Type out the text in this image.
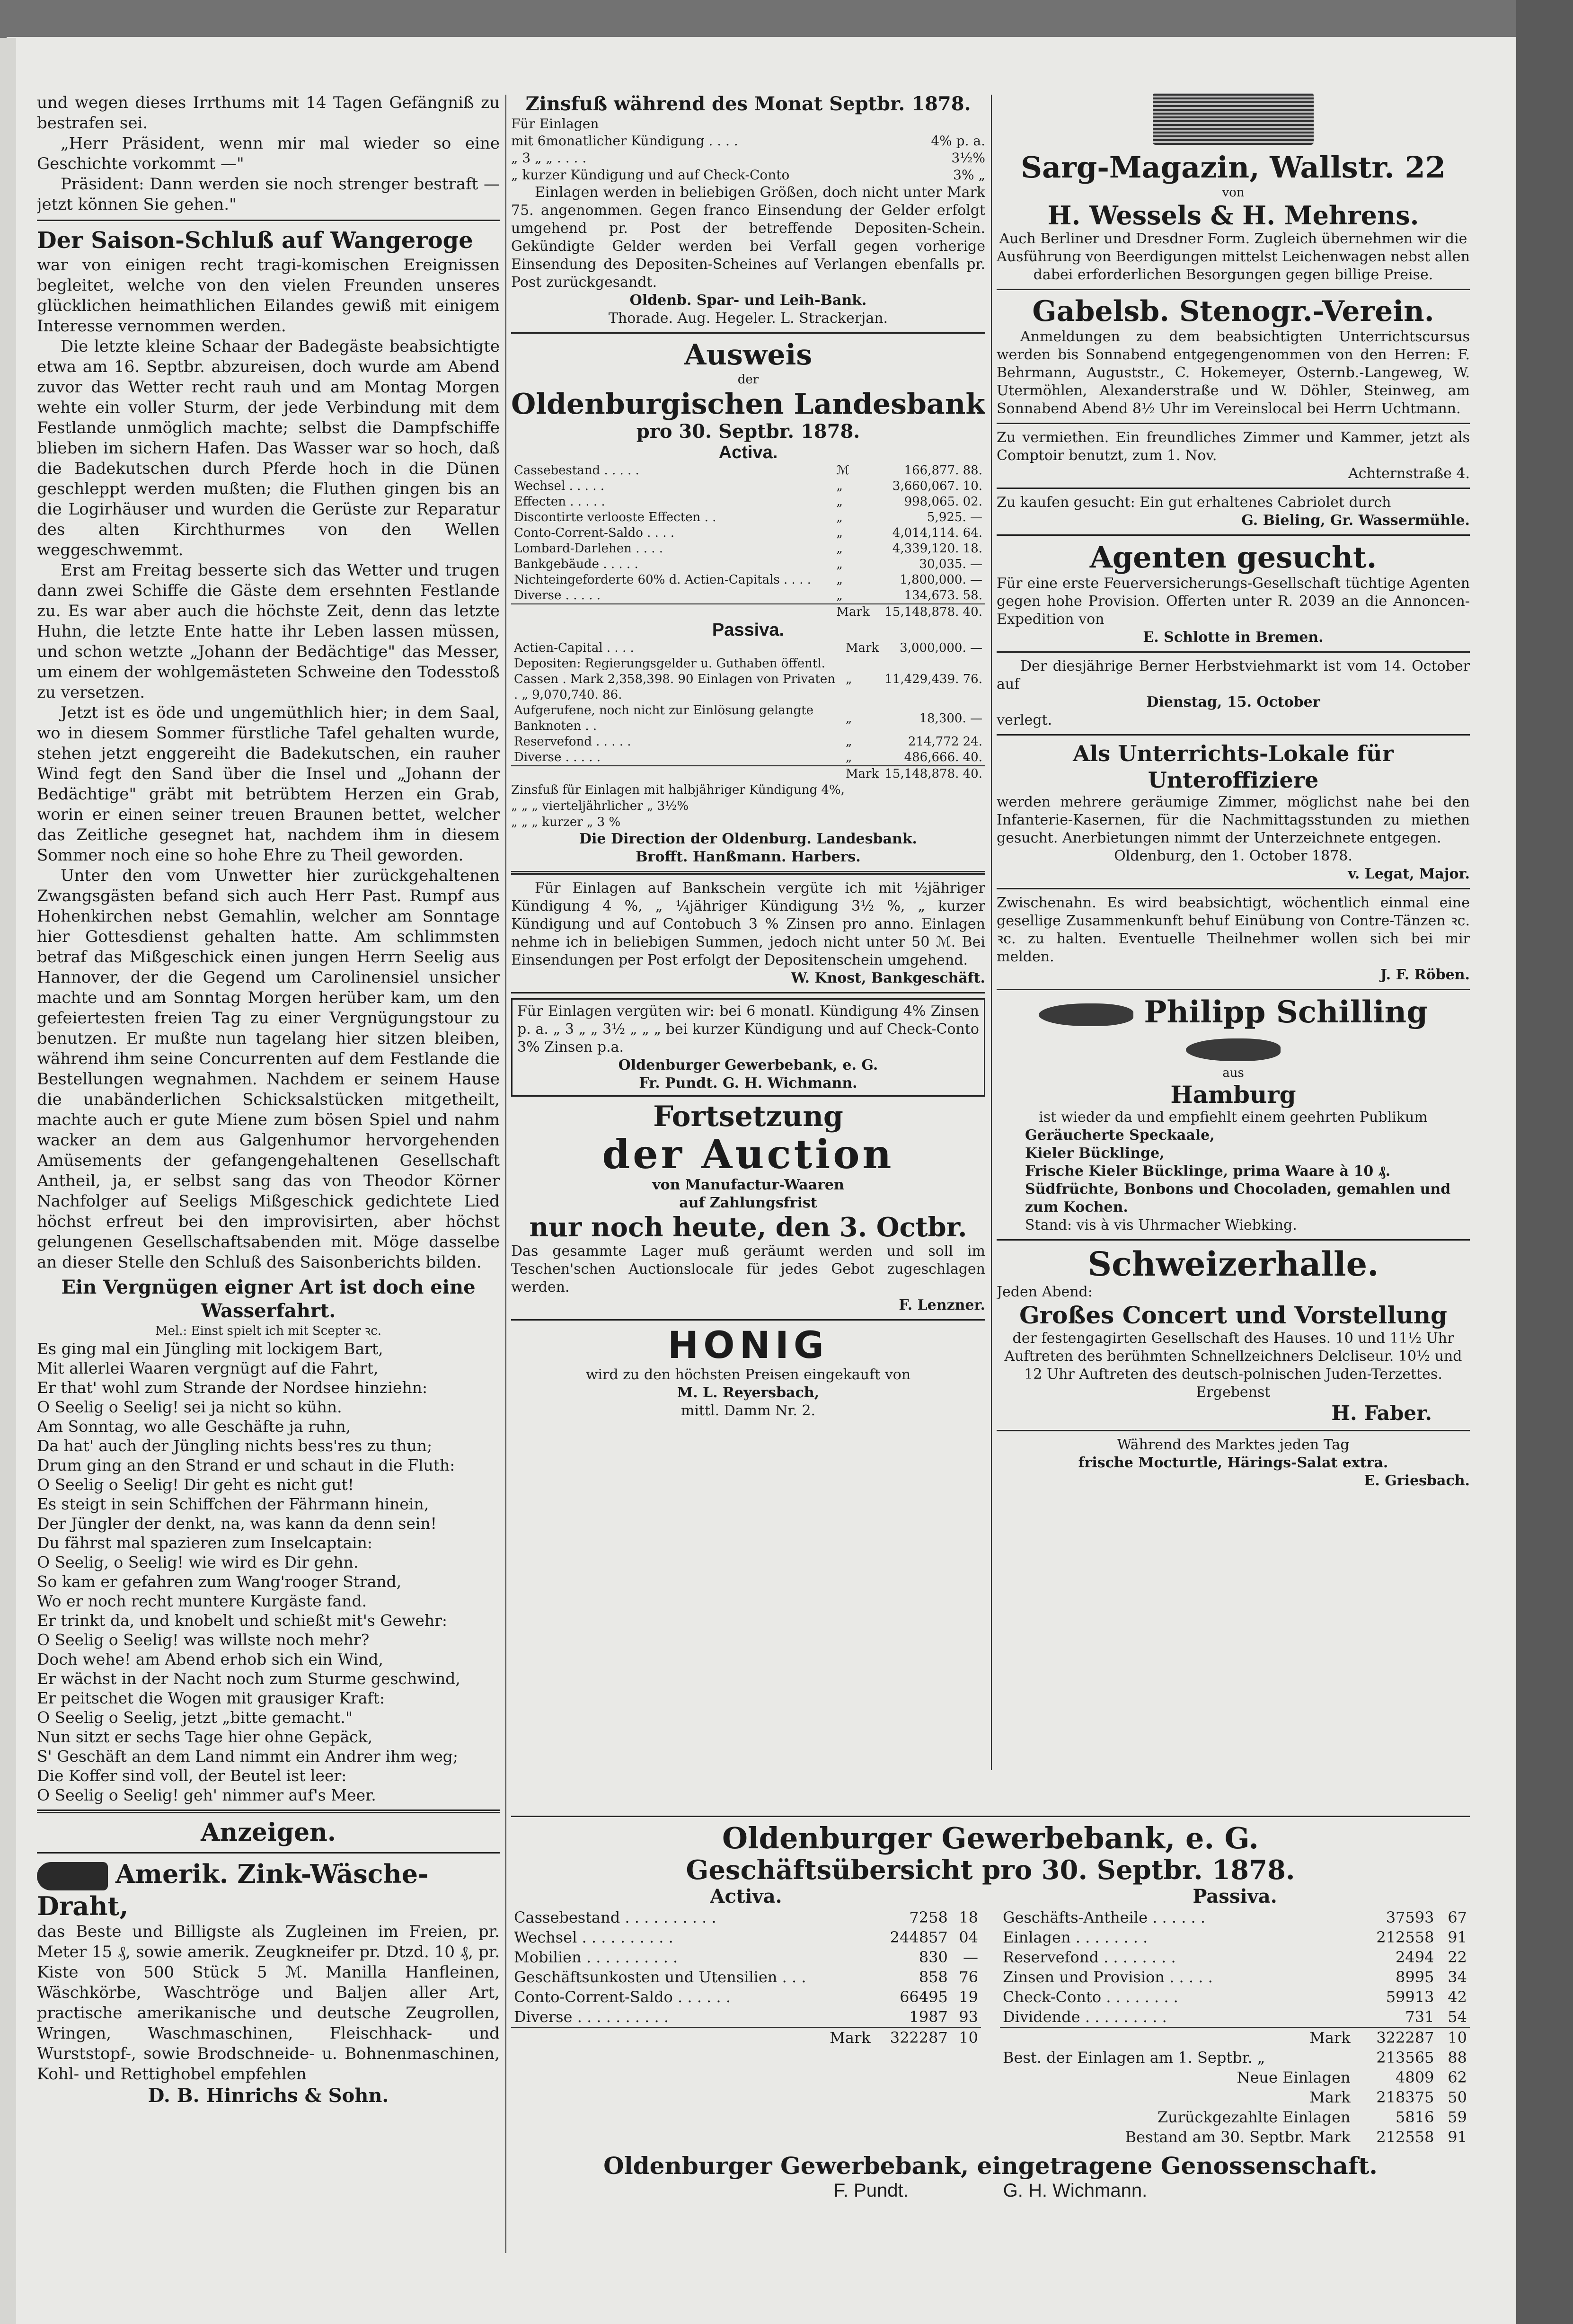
und wegen dieses Irrthums mit 14 Tagen Gefängniß zu bestrafen sei.

„Herr Präsident, wenn mir mal wieder so eine Geschichte vorkommt —"

Präsident: Dann werden sie noch strenger bestraft — jetzt können Sie gehen."

Der Saison-Schluß auf Wangeroge

war von einigen recht tragi-komischen Ereignissen begleitet, welche von den vielen Freunden unseres glücklichen heimathlichen Eilandes gewiß mit einigem Interesse vernommen werden.

Die letzte kleine Schaar der Badegäste beabsichtigte etwa am 16. Septbr. abzureisen, doch wurde am Abend zuvor das Wetter recht rauh und am Montag Morgen wehte ein voller Sturm, der jede Verbindung mit dem Festlande unmöglich machte; selbst die Dampfschiffe blieben im sichern Hafen. Das Wasser war so hoch, daß die Badekutschen durch Pferde hoch in die Dünen geschleppt werden mußten; die Fluthen gingen bis an die Logirhäuser und wurden die Gerüste zur Reparatur des alten Kirchthurmes von den Wellen weggeschwemmt.

Erst am Freitag besserte sich das Wetter und trugen dann zwei Schiffe die Gäste dem ersehnten Festlande zu. Es war aber auch die höchste Zeit, denn das letzte Huhn, die letzte Ente hatte ihr Leben lassen müssen, und schon wetzte „Johann der Bedächtige" das Messer, um einem der wohlgemästeten Schweine den Todesstoß zu versetzen.

Jetzt ist es öde und ungemüthlich hier; in dem Saal, wo in diesem Sommer fürstliche Tafel gehalten wurde, stehen jetzt enggereiht die Badekutschen, ein rauher Wind fegt den Sand über die Insel und „Johann der Bedächtige" gräbt mit betrübtem Herzen ein Grab, worin er einen seiner treuen Braunen bettet, welcher das Zeitliche gesegnet hat, nachdem ihm in diesem Sommer noch eine so hohe Ehre zu Theil geworden.

Unter den vom Unwetter hier zurückgehaltenen Zwangsgästen befand sich auch Herr Past. Rumpf aus Hohenkirchen nebst Gemahlin, welcher am Sonntage hier Gottesdienst gehalten hatte. Am schlimmsten betraf das Mißgeschick einen jungen Herrn Seelig aus Hannover, der die Gegend um Carolinensiel unsicher machte und am Sonntag Morgen herüber kam, um den gefeiertesten freien Tag zu einer Vergnügungstour zu benutzen. Er mußte nun tagelang hier sitzen bleiben, während ihm seine Concurrenten auf dem Festlande die Bestellungen wegnahmen. Nachdem er seinem Hause die unabänderlichen Schicksalstücken mitgetheilt, machte auch er gute Miene zum bösen Spiel und nahm wacker an dem aus Galgenhumor hervorgehenden Amüsements der gefangengehaltenen Gesellschaft Antheil, ja, er selbst sang das von Theodor Körner Nachfolger auf Seeligs Mißgeschick gedichtete Lied höchst erfreut bei den improvisirten, aber höchst gelungenen Gesellschaftsabenden mit. Möge dasselbe an dieser Stelle den Schluß des Saisonberichts bilden.

Ein Vergnügen eigner Art ist doch eine Wasserfahrt.
Mel.: Einst spielt ich mit Scepter ꝛc.
Es ging mal ein Jüngling mit lockigem Bart,
Mit allerlei Waaren vergnügt auf die Fahrt,
Er that' wohl zum Strande der Nordsee hinziehn:
O Seelig o Seelig! sei ja nicht so kühn.
Am Sonntag, wo alle Geschäfte ja ruhn,
Da hat' auch der Jüngling nichts bess'res zu thun;
Drum ging an den Strand er und schaut in die Fluth:
O Seelig o Seelig! Dir geht es nicht gut!
Es steigt in sein Schiffchen der Fährmann hinein,
Der Jüngler der denkt, na, was kann da denn sein!
Du fährst mal spazieren zum Inselcaptain:
O Seelig, o Seelig! wie wird es Dir gehn.
So kam er gefahren zum Wang'rooger Strand,
Wo er noch recht muntere Kurgäste fand.
Er trinkt da, und knobelt und schießt mit's Gewehr:
O Seelig o Seelig! was willste noch mehr?
Doch wehe! am Abend erhob sich ein Wind,
Er wächst in der Nacht noch zum Sturme geschwind,
Er peitschet die Wogen mit grausiger Kraft:
O Seelig o Seelig, jetzt „bitte gemacht."
Nun sitzt er sechs Tage hier ohne Gepäck,
S' Geschäft an dem Land nimmt ein Andrer ihm weg;
Die Koffer sind voll, der Beutel ist leer:
O Seelig o Seelig! geh' nimmer auf's Meer.
Anzeigen.
Amerik. Zink-Wäsche-Draht,

das Beste und Billigste als Zugleinen im Freien, pr. Meter 15 ₰, sowie amerik. Zeugkneifer pr. Dtzd. 10 ₰, pr. Kiste von 500 Stück 5 ℳ. Manilla Hanfleinen, Wäschkörbe, Waschtröge und Baljen aller Art, practische amerikanische und deutsche Zeugrollen, Wringen, Waschmaschinen, Fleischhack- und Wurststopf-, sowie Brodschneide- u. Bohnenmaschinen, Kohl- und Rettighobel empfehlen

D. B. Hinrichs & Sohn.
Zinsfuß während des Monat Septbr. 1878.
Für Einlagen
mit 6monatlicher Kündigung . . . .	4% p. a.
„ 3 „ „ . . . .	3½%
„ kurzer Kündigung und auf Check-Conto	3% „

Einlagen werden in beliebigen Größen, doch nicht unter Mark 75. angenommen. Gegen franco Einsendung der Gelder erfolgt umgehend pr. Post der betreffende Depositen-Schein. Gekündigte Gelder werden bei Verfall gegen vorherige Einsendung des Depositen-Scheines auf Verlangen ebenfalls pr. Post zurückgesandt.

Oldenb. Spar- und Leih-Bank.
Thorade. Aug. Hegeler. L. Strackerjan.
Ausweis
der
Oldenburgischen Landesbank
pro 30. Septbr. 1878.
Activa.
Cassebestand . . . . .	ℳ	166,877. 88.
Wechsel . . . . .	„	3,660,067. 10.
Effecten . . . . .	„	998,065. 02.
Discontirte verlooste Effecten . .	„	5,925. —
Conto-Corrent-Saldo . . . .	„	4,014,114. 64.
Lombard-Darlehen . . . .	„	4,339,120. 18.
Bankgebäude . . . . .	„	30,035. —
Nichteingeforderte 60% d. Actien-Capitals . . . .	„	1,800,000. —
Diverse . . . . .	„	134,673. 58.
	Mark	15,148,878. 40.
Passiva.
Actien-Capital . . . .	Mark	3,000,000. —
Depositen: Regierungsgelder u. Guthaben öffentl. Cassen . Mark 2,358,398. 90 Einlagen von Privaten . „ 9,070,740. 86.	„	11,429,439. 76.
Aufgerufene, noch nicht zur Einlösung gelangte Banknoten . .	„	18,300. —
Reservefond . . . . .	„	214,772 24.
Diverse . . . . .	„	486,666. 40.
	Mark	15,148,878. 40.
Zinsfuß für Einlagen mit halbjähriger Kündigung 4%,
„ „ „ vierteljährlicher „ 3½%
„ „ „ kurzer „ 3 %
Die Direction der Oldenburg. Landesbank.
Brofft. Hanßmann. Harbers.

Für Einlagen auf Bankschein vergüte ich mit ½jähriger Kündigung 4 %, „ ¼jähriger Kündigung 3½ %, „ kurzer Kündigung und auf Contobuch 3 % Zinsen pro anno. Einlagen nehme ich in beliebigen Summen, jedoch nicht unter 50 ℳ. Bei Einsendungen per Post erfolgt der Depositenschein umgehend.

W. Knost, Bankgeschäft.

Für Einlagen vergüten wir: bei 6 monatl. Kündigung 4% Zinsen p. a. „ 3 „ „ 3½ „ „ „ bei kurzer Kündigung und auf Check-Conto 3% Zinsen p.a.

Oldenburger Gewerbebank, e. G.
Fr. Pundt. G. H. Wichmann.
Fortsetzung
der Auction
von Manufactur-Waaren
auf Zahlungsfrist
nur noch heute, den 3. Octbr.

Das gesammte Lager muß geräumt werden und soll im Teschen'schen Auctionslocale für jedes Gebot zugeschlagen werden.

F. Lenzner.
HONIG
wird zu den höchsten Preisen eingekauft von
M. L. Reyersbach,
mittl. Damm Nr. 2.
Sarg-Magazin, Wallstr. 22
von
H. Wessels & H. Mehrens.

Auch Berliner und Dresdner Form. Zugleich übernehmen wir die Ausführung von Beerdigungen mittelst Leichenwagen nebst allen dabei erforderlichen Besorgungen gegen billige Preise.

Gabelsb. Stenogr.-Verein.

Anmeldungen zu dem beabsichtigten Unterrichtscursus werden bis Sonnabend entgegengenommen von den Herren: F. Behrmann, Auguststr., C. Hokemeyer, Osternb.-Langeweg, W. Utermöhlen, Alexanderstraße und W. Döhler, Steinweg, am Sonnabend Abend 8½ Uhr im Vereinslocal bei Herrn Uchtmann.

Zu vermiethen. Ein freundliches Zimmer und Kammer, jetzt als Comptoir benutzt, zum 1. Nov.

Achternstraße 4.

Zu kaufen gesucht: Ein gut erhaltenes Cabriolet durch

G. Bieling, Gr. Wassermühle.
Agenten gesucht.

Für eine erste Feuerversicherungs-Gesellschaft tüchtige Agenten gegen hohe Provision. Offerten unter R. 2039 an die Annoncen-Expedition von

E. Schlotte in Bremen.

Der diesjährige Berner Herbstviehmarkt ist vom 14. October auf

Dienstag, 15. October
verlegt.
Als Unterrichts-Lokale für Unteroffiziere

werden mehrere geräumige Zimmer, möglichst nahe bei den Infanterie-Kasernen, für die Nachmittagsstunden zu miethen gesucht. Anerbietungen nimmt der Unterzeichnete entgegen.

Oldenburg, den 1. October 1878.
v. Legat, Major.

Zwischenahn. Es wird beabsichtigt, wöchentlich einmal eine gesellige Zusammenkunft behuf Einübung von Contre-Tänzen ꝛc. ꝛc. zu halten. Eventuelle Theilnehmer wollen sich bei mir melden.

J. F. Röben.
Philipp Schilling
aus
Hamburg
ist wieder da und empfiehlt einem geehrten Publikum
Geräucherte Speckaale,
Kieler Bücklinge,
Frische Kieler Bücklinge, prima Waare à 10 ₰.
Südfrüchte, Bonbons und Chocoladen, gemahlen und zum Kochen.
Stand: vis à vis Uhrmacher Wiebking.
Schweizerhalle.
Jeden Abend:
Großes Concert und Vorstellung

der festengagirten Gesellschaft des Hauses. 10 und 11½ Uhr Auftreten des berühmten Schnellzeichners Delcliseur. 10½ und 12 Uhr Auftreten des deutsch-polnischen Juden-Terzettes. Ergebenst

H. Faber.
Während des Marktes jeden Tag
frische Mocturtle, Härings-Salat extra.
E. Griesbach.
Oldenburger Gewerbebank, e. G.
Geschäftsübersicht pro 30. Septbr. 1878.
Activa.
Cassebestand . . . . . . . . . .	7258	18
Wechsel . . . . . . . . . .	244857	04
Mobilien . . . . . . . . . .	830	—
Geschäftsunkosten und Utensilien . . .	858	76
Conto-Corrent-Saldo . . . . . .	66495	19
Diverse . . . . . . . . . .	1987	93
Mark	322287	10
Passiva.
Geschäfts-Antheile . . . . . .	37593	67
Einlagen . . . . . . . .	212558	91
Reservefond . . . . . . . .	2494	22
Zinsen und Provision . . . . .	8995	34
Check-Conto . . . . . . . .	59913	42
Dividende . . . . . . . . .	731	54
Mark	322287	10
Best. der Einlagen am 1. Septbr. „	213565	88
Neue Einlagen	4809	62
Mark	218375	50
Zurückgezahlte Einlagen	5816	59
Bestand am 30. Septbr. Mark	212558	91
Oldenburger Gewerbebank, eingetragene Genossenschaft.
F. Pundt.	G. H. Wichmann.
